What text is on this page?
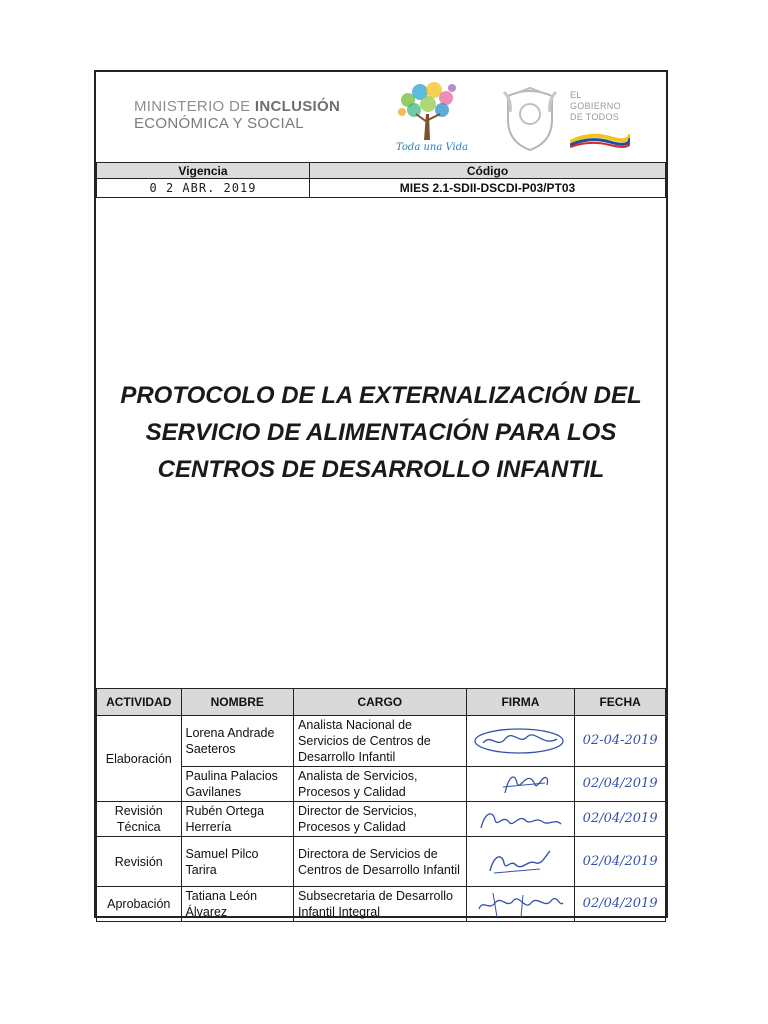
MINISTERIO DE INCLUSIÓN
ECONÓMICA Y SOCIAL
Toda una Vida
EL
GOBIERNO
DE TODOS
Vigencia	Código
0 2 ABR. 2019	MIES 2.1-SDII-DSCDI-P03/PT03
PROTOCOLO DE LA EXTERNALIZACIÓN DEL
SERVICIO DE ALIMENTACIÓN PARA LOS
CENTROS DE DESARROLLO INFANTIL
ACTIVIDAD	NOMBRE	CARGO	FIRMA	FECHA
Elaboración	Lorena Andrade Saeteros	Analista Nacional de Servicios de Centros de Desarrollo Infantil		02-04-2019

	Paulina Palacios Gavilanes	Analista de Servicios, Procesos y Calidad		02/04/2019

Revisión Técnica	Rubén Ortega Herrería	Director de Servicios, Procesos y Calidad		02/04/2019

Revisión	Samuel Pilco Tarira	Directora de Servicios de Centros de Desarrollo Infantil		02/04/2019

Aprobación	Tatiana León Álvarez	Subsecretaria de Desarrollo Infantil Integral		02/04/2019
